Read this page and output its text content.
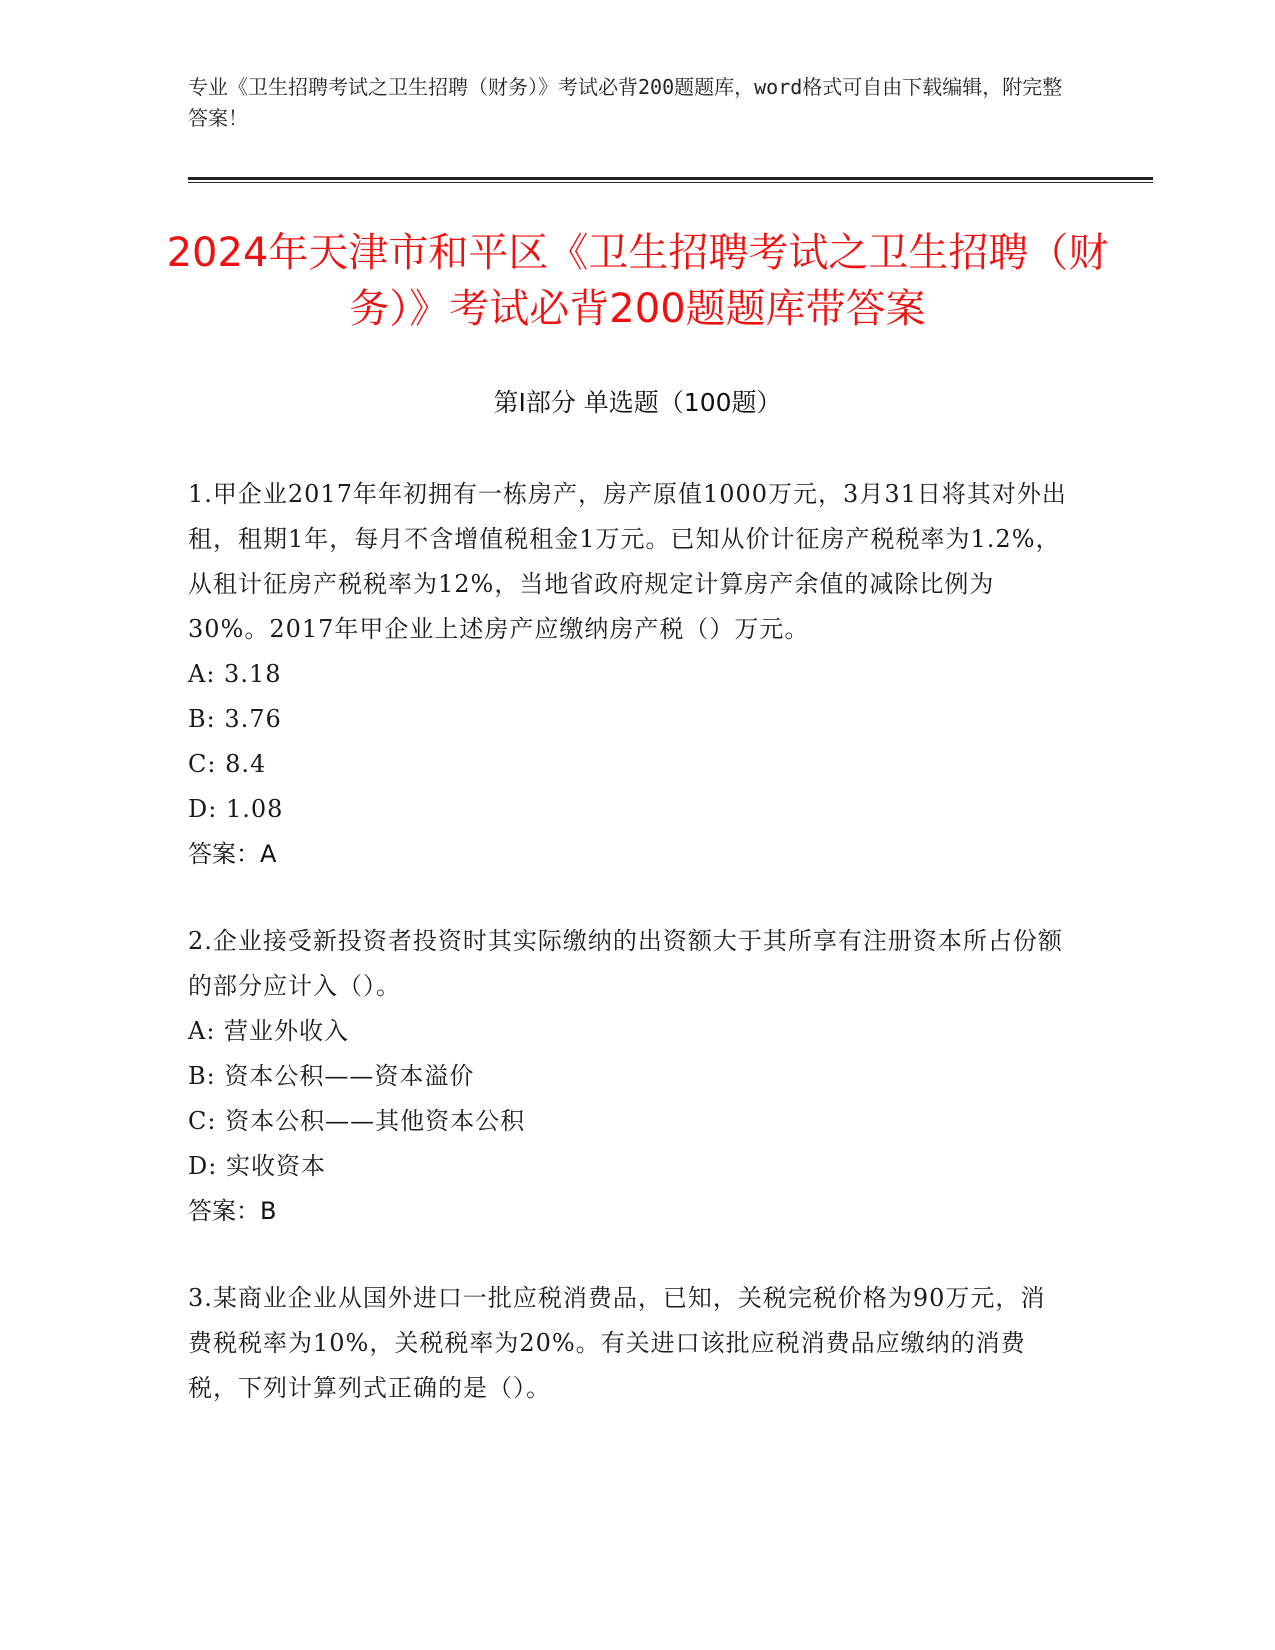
专业《卫生招聘考试之卫生招聘（财务）》考试必背200题题库，word格式可自由下载编辑，附完整答案！
2024年天津市和平区《卫生招聘考试之卫生招聘（财务）》考试必背200题题库带答案
第I部分 单选题（100题）

1.甲企业2017年年初拥有一栋房产，房产原值1000万元，3月31日将其对外出租，租期1年，每月不含增值税租金1万元。已知从价计征房产税税率为1.2%，从租计征房产税税率为12%，当地省政府规定计算房产余值的减除比例为30%。2017年甲企业上述房产应缴纳房产税（）万元。

A: 3.18

B: 3.76

C: 8.4

D: 1.08

答案：A

2.企业接受新投资者投资时其实际缴纳的出资额大于其所享有注册资本所占份额的部分应计入（）。

A: 营业外收入

B: 资本公积——资本溢价

C: 资本公积——其他资本公积

D: 实收资本

答案：B

3.某商业企业从国外进口一批应税消费品，已知，关税完税价格为90万元，消费税税率为10%，关税税率为20%。有关进口该批应税消费品应缴纳的消费税，下列计算列式正确的是（）。
